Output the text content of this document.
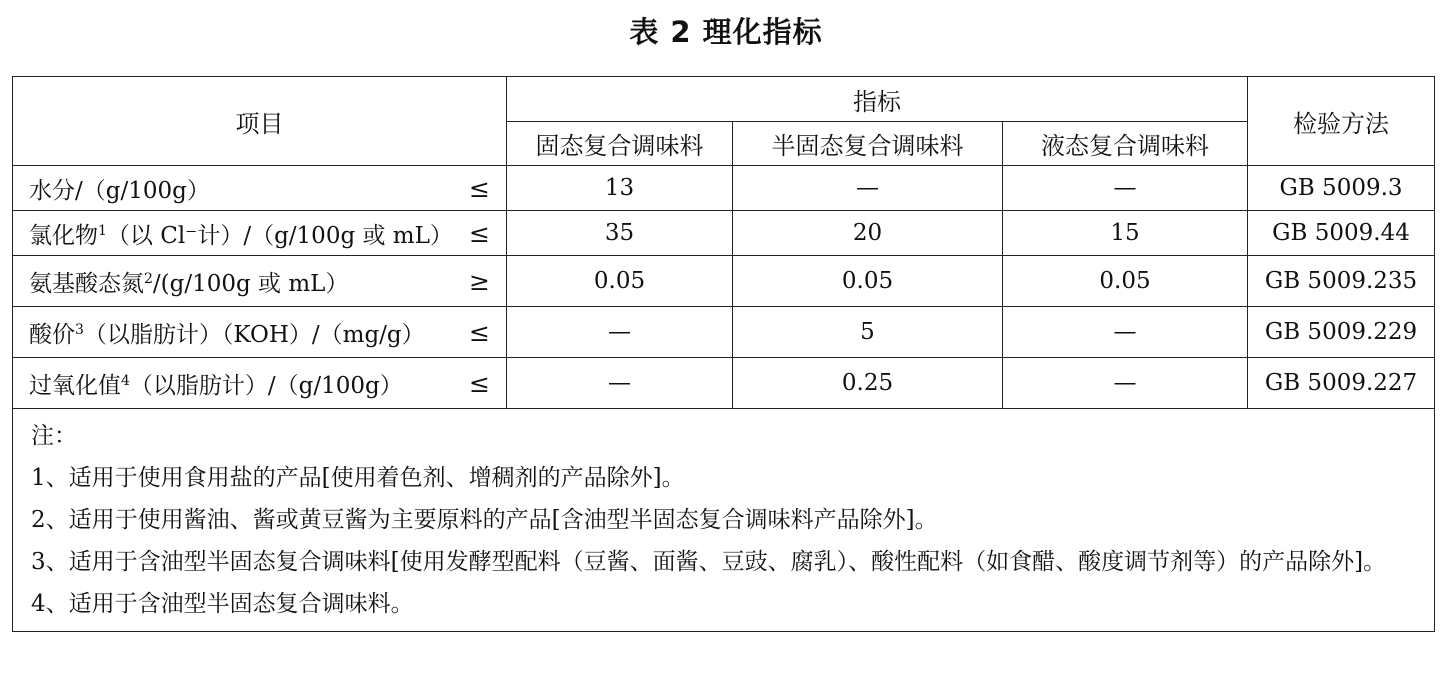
表 2 理化指标
项目	指标			检验方法
	固态复合调味料	半固态复合调味料	液态复合调味料	

水分/（g/100g） ≤	13	—	—	GB 5009.3

氯化物$^1$（以 Cl⁻计）/（g/100g 或 mL） ≤	35	20	15	GB 5009.44

氨基酸态氮$^2$/(g/100g 或 mL） ≥	0.05	0.05	0.05	GB 5009.235

酸价$^3$（以脂肪计）（KOH）/（mg/g） ≤	—	5	—	GB 5009.229

过氧化值$^4$（以脂肪计）/（g/100g） ≤	—	0.25	—	GB 5009.227

注：
1、适用于使用食用盐的产品[使用着色剂、增稠剂的产品除外]。
2、适用于使用酱油、酱或黄豆酱为主要原料的产品[含油型半固态复合调味料产品除外]。
3、适用于含油型半固态复合调味料[使用发酵型配料（豆酱、面酱、豆豉、腐乳）、酸性配料（如食醋、酸度调节剂等）的产品除外]。
4、适用于含油型半固态复合调味料。				
